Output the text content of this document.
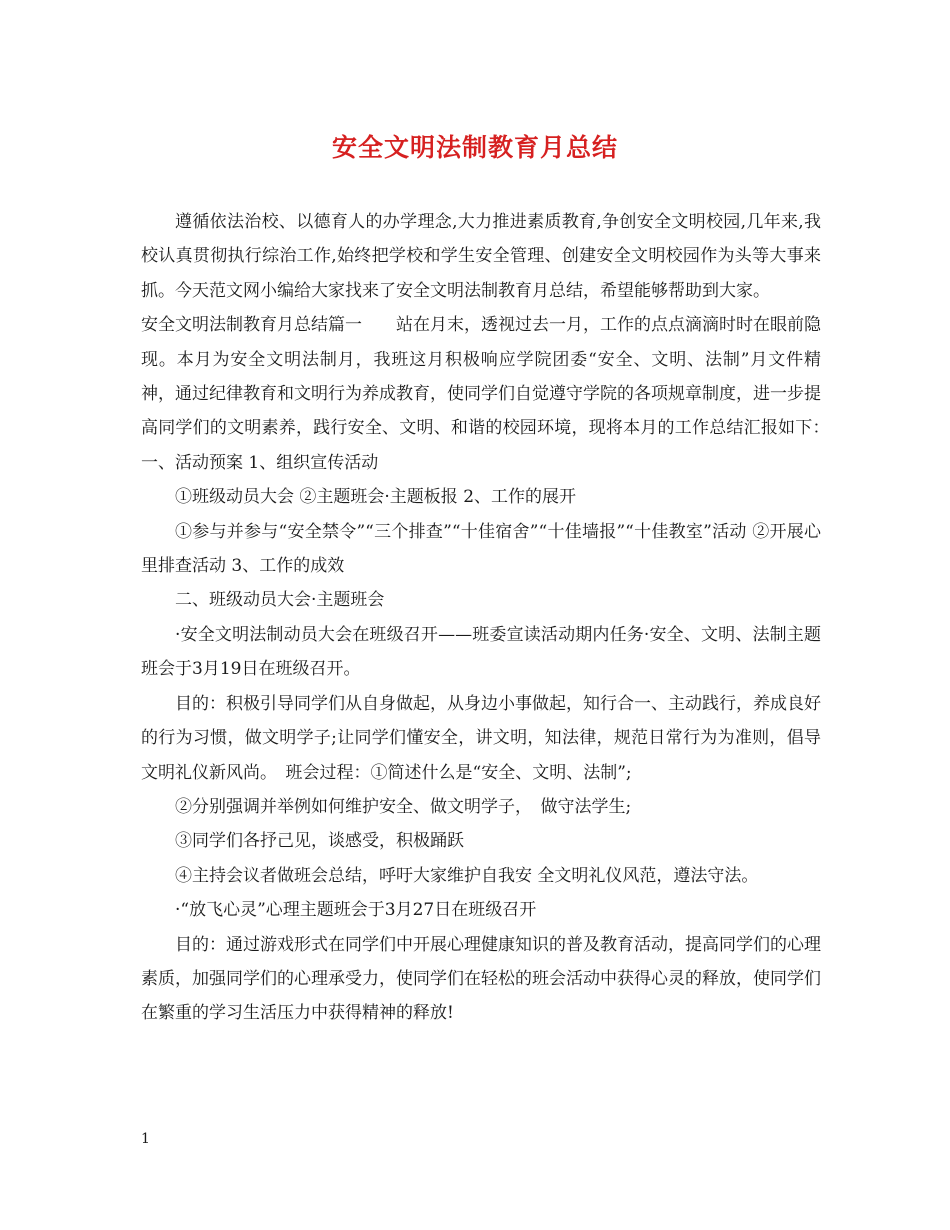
安全文明法制教育月总结

遵循依法治校、以德育人的办学理念,大力推进素质教育,争创安全文明校园,几年来,我校认真贯彻执行综治工作,始终把学校和学生安全管理、创建安全文明校园作为头等大事来抓。今天范文网小编给大家找来了安全文明法制教育月总结，希望能够帮助到大家。

安全文明法制教育月总结篇一　　站在月末，透视过去一月，工作的点点滴滴时时在眼前隐现。本月为安全文明法制月，我班这月积极响应学院团委“安全、文明、法制”月文件精神，通过纪律教育和文明行为养成教育，使同学们自觉遵守学院的各项规章制度，进一步提高同学们的文明素养，践行安全、文明、和谐的校园环境，现将本月的工作总结汇报如下：　一、活动预案 1、组织宣传活动

①班级动员大会 ②主题班会·主题板报 2、工作的展开

①参与并参与“安全禁令”“三个排查”“十佳宿舍”“十佳墙报”“十佳教室”活动 ②开展心里排查活动 3、工作的成效

二、班级动员大会·主题班会

·安全文明法制动员大会在班级召开——班委宣读活动期内任务·安全、文明、法制主题班会于3月19日在班级召开。

目的：积极引导同学们从自身做起，从身边小事做起，知行合一、主动践行，养成良好的行为习惯，做文明学子;让同学们懂安全，讲文明，知法律，规范日常行为为准则，倡导文明礼仪新风尚。　班会过程：①简述什么是“安全、文明、法制”;

②分别强调并举例如何维护安全、做文明学子，　做守法学生;

③同学们各抒己见，谈感受，积极踊跃

④主持会议者做班会总结，呼吁大家维护自我安 全文明礼仪风范，遵法守法。

·“放飞心灵”心理主题班会于3月27日在班级召开

目的：通过游戏形式在同学们中开展心理健康知识的普及教育活动，提高同学们的心理素质，加强同学们的心理承受力，使同学们在轻松的班会活动中获得心灵的释放，使同学们在繁重的学习生活压力中获得精神的释放!

1
